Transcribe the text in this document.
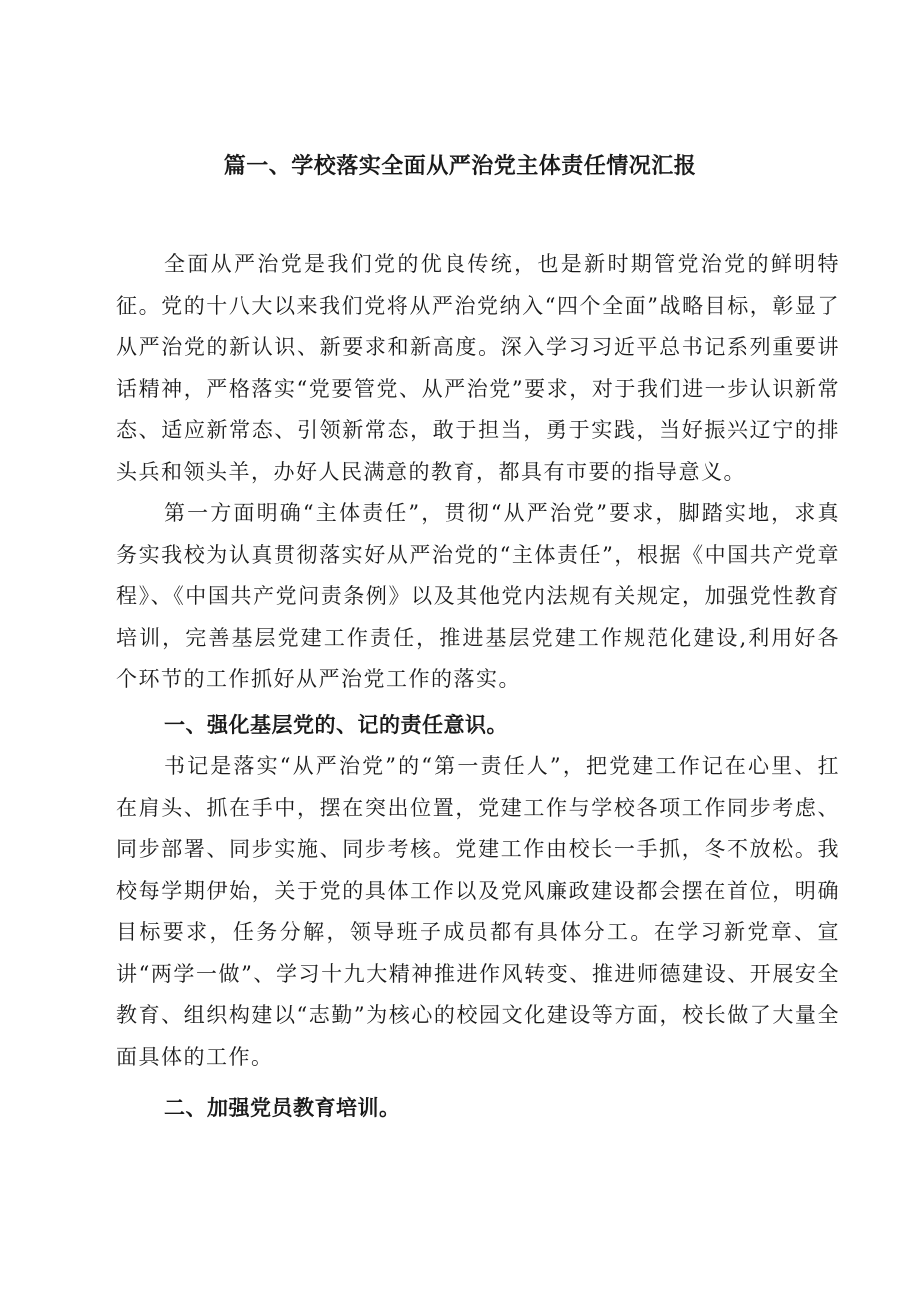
篇一、学校落实全面从严治党主体责任情况汇报

全面从严治党是我们党的优良传统，也是新时期管党治党的鲜明特征。党的十八大以来我们党将从严治党纳入“四个全面”战略目标，彰显了从严治党的新认识、新要求和新高度。深入学习习近平总书记系列重要讲话精神，严格落实“党要管党、从严治党”要求，对于我们进一步认识新常态、适应新常态、引领新常态，敢于担当，勇于实践，当好振兴辽宁的排头兵和领头羊，办好人民满意的教育，都具有市要的指导意义。

第一方面明确“主体责任”，贯彻“从严治党”要求，脚踏实地，求真务实我校为认真贯彻落实好从严治党的“主体责任”，根据《中国共产党章程》、《中国共产党问责条例》以及其他党内法规有关规定，加强党性教育培训，完善基层党建工作责任，推进基层党建工作规范化建设,利用好各个环节的工作抓好从严治党工作的落实。

一、强化基层党的、记的责任意识。

书记是落实“从严治党”的“第一责任人”，把党建工作记在心里、扛在肩头、抓在手中，摆在突出位置，党建工作与学校各项工作同步考虑、同步部署、同步实施、同步考核。党建工作由校长一手抓，冬不放松。我校每学期伊始，关于党的具体工作以及党风廉政建设都会摆在首位，明确目标要求，任务分解，领导班子成员都有具体分工。在学习新党章、宣讲“两学一做”、学习十九大精神推进作风转变、推进师德建设、开展安全教育、组织构建以“志勤”为核心的校园文化建设等方面，校长做了大量全面具体的工作。

二、加强党员教育培训。
